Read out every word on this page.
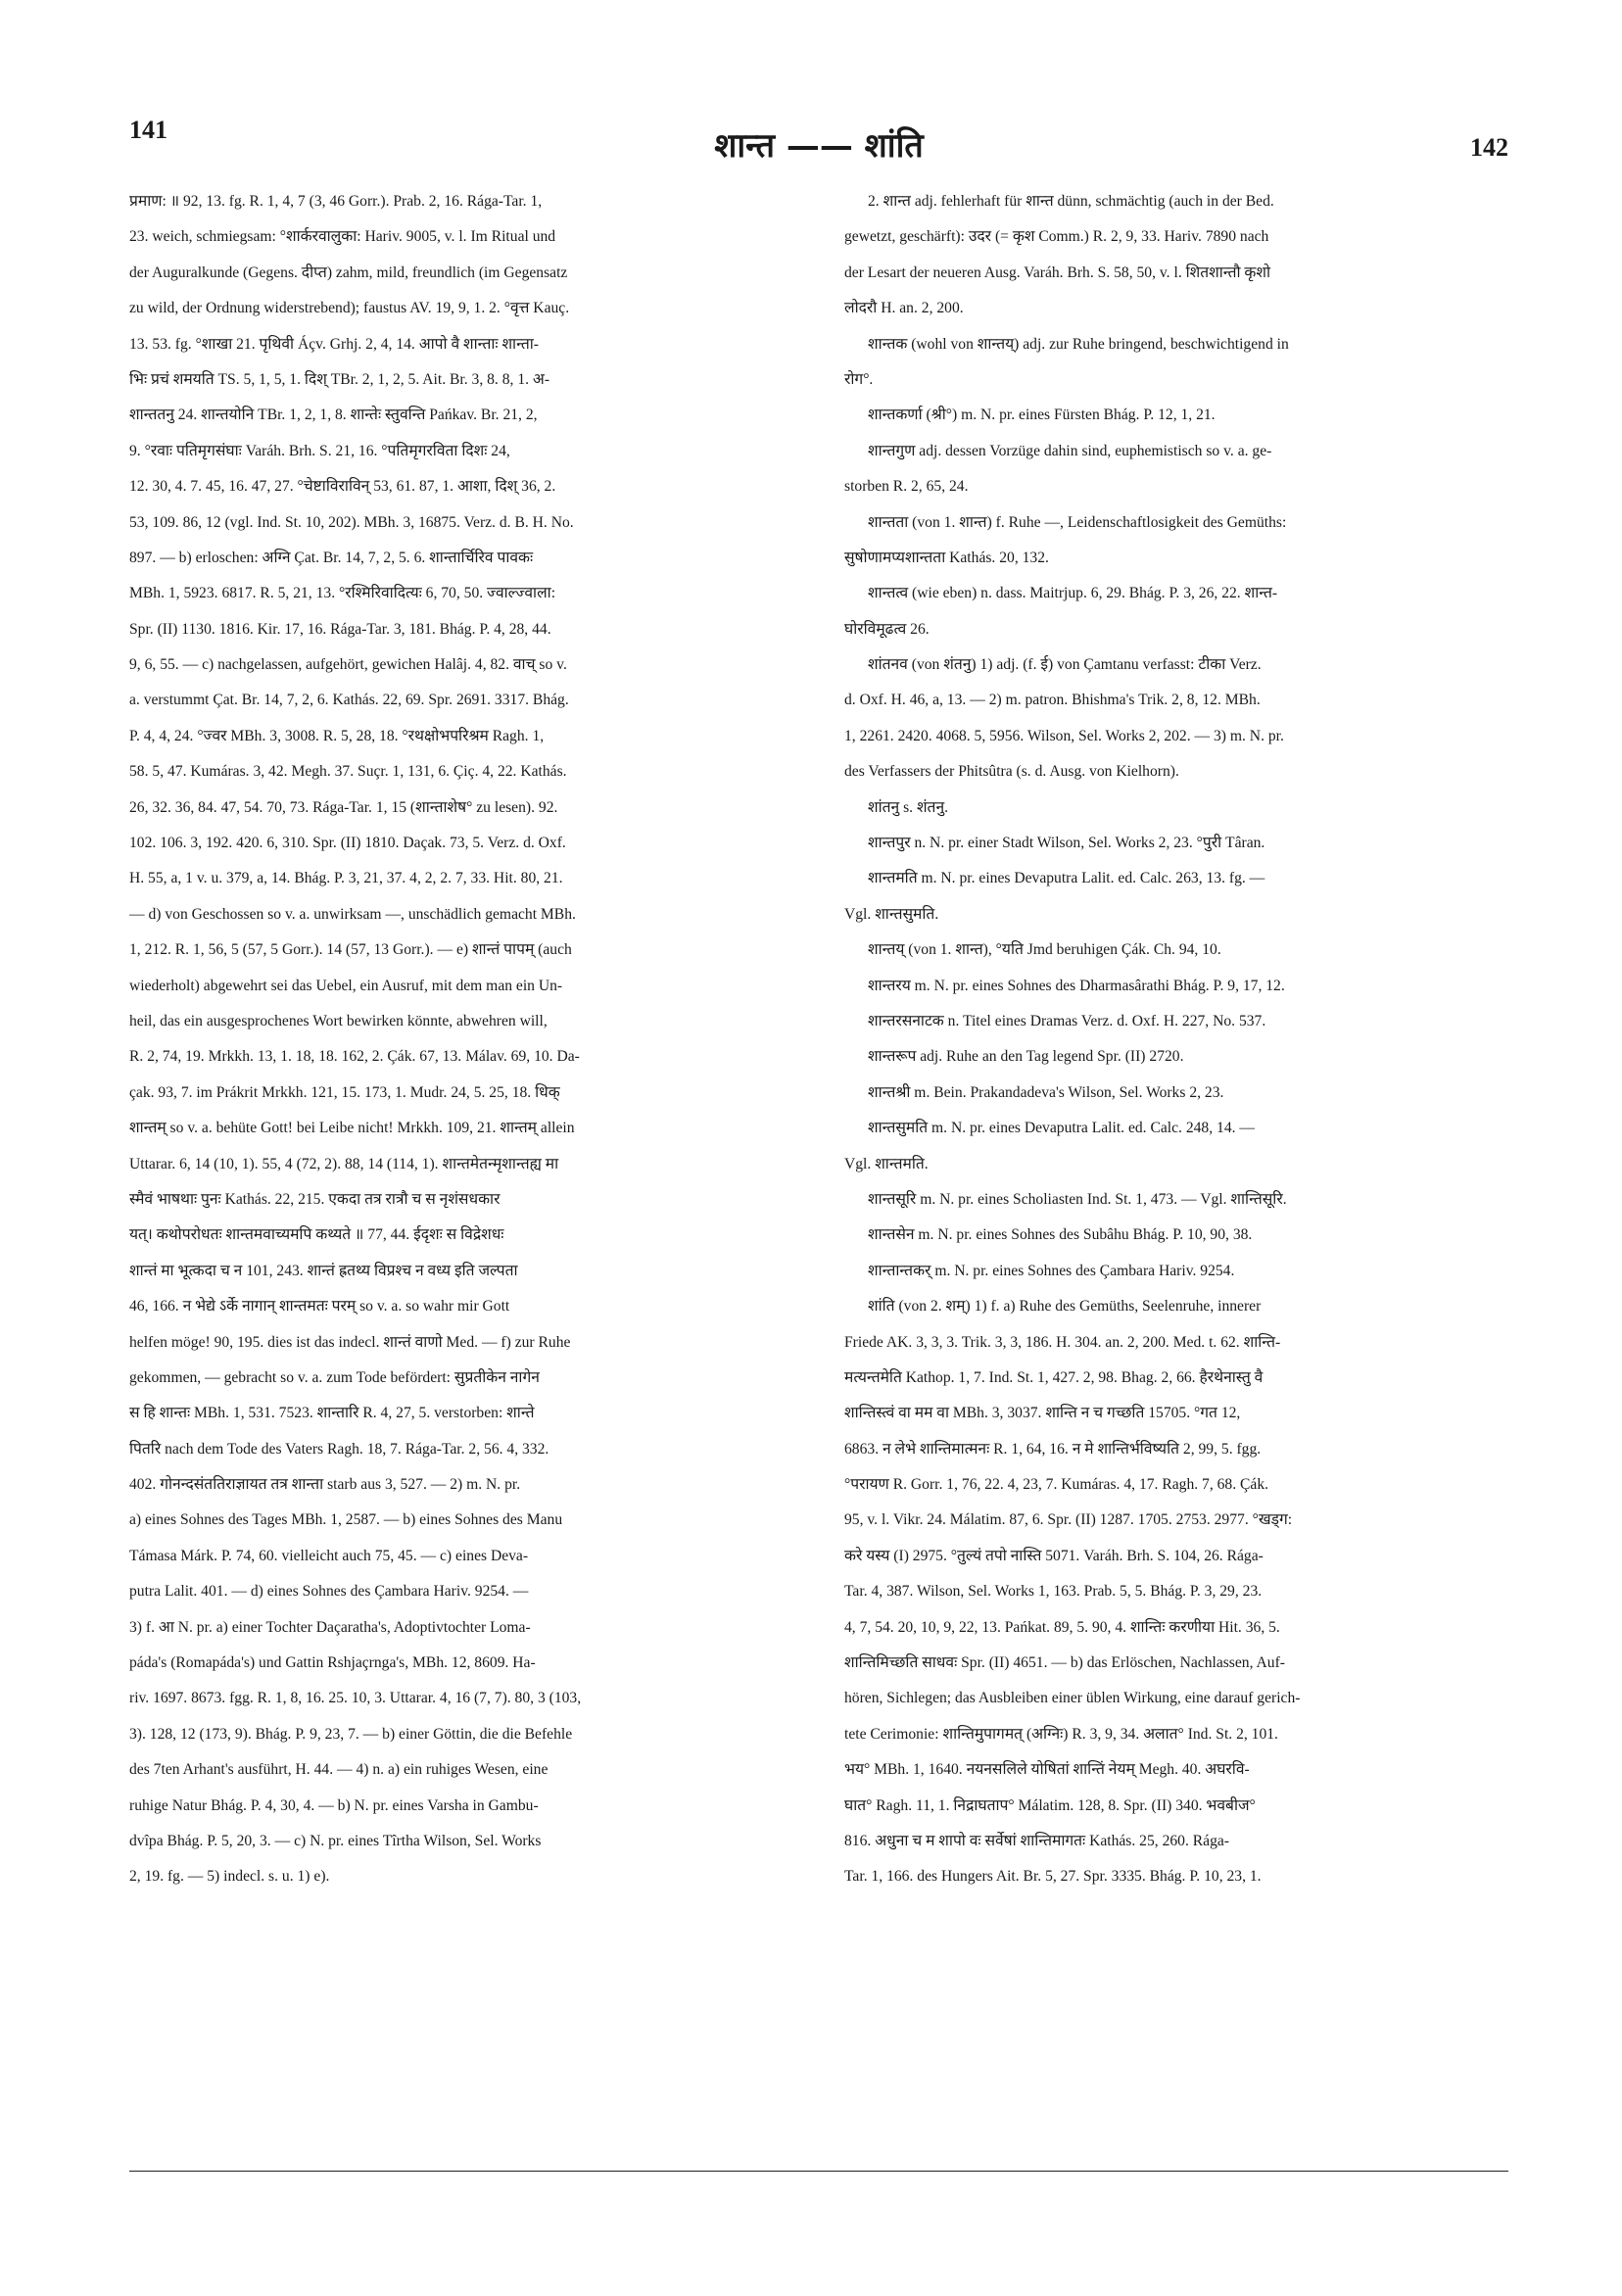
141	शान्त —— शांति	142
प्रमाण: ॥ 92, 13. fg. R. 1, 4, 7 (3, 46 Gorr.). Prab. 2, 16. Rága-Tar. 1,
23. weich, schmiegsam: °शार्करवालुका: Hariv. 9005, v. l. Im Ritual und
der Auguralkunde (Gegens. दीप्त) zahm, mild, freundlich (im Gegensatz
zu wild, der Ordnung widerstrebend); faustus AV. 19, 9, 1. 2. °वृत्त Kauç.
13. 53. fg. °शाखा 21. पृथिवी Áçv. Grhj. 2, 4, 14. आपो वै शान्ताः शान्ता-
भिः प्रचं शमयति TS. 5, 1, 5, 1. दिश् TBr. 2, 1, 2, 5. Ait. Br. 3, 8. 8, 1. अ-
शान्ततनु 24. शान्तयोनि TBr. 1, 2, 1, 8. शान्तेः स्तुवन्ति Pańkav. Br. 21, 2,
9. °रवाः पतिमृगसंघाः Varáh. Brh. S. 21, 16. °पतिमृगरविता दिशः 24,
12. 30, 4. 7. 45, 16. 47, 27. °चेष्टाविराविन् 53, 61. 87, 1. आशा, दिश् 36, 2.
53, 109. 86, 12 (vgl. Ind. St. 10, 202). MBh. 3, 16875. Verz. d. B. H. No.
897. — b) erloschen: अग्नि Çat. Br. 14, 7, 2, 5. 6. शान्तार्चिरिव पावकः
MBh. 1, 5923. 6817. R. 5, 21, 13. °रश्मिरिवादित्यः 6, 70, 50. ज्वाल्ज्वाला:
Spr. (II) 1130. 1816. Kir. 17, 16. Rága-Tar. 3, 181. Bhág. P. 4, 28, 44.
9, 6, 55. — c) nachgelassen, aufgehört, gewichen Halâj. 4, 82. वाच् so v.
a. verstummt Çat. Br. 14, 7, 2, 6. Kathás. 22, 69. Spr. 2691. 3317. Bhág.
P. 4, 4, 24. °ज्वर MBh. 3, 3008. R. 5, 28, 18. °रथक्षोभपरिश्रम Ragh. 1,
58. 5, 47. Kumáras. 3, 42. Megh. 37. Suçr. 1, 131, 6. Çiç. 4, 22. Kathás.
26, 32. 36, 84. 47, 54. 70, 73. Rága-Tar. 1, 15 (शान्ताशेष° zu lesen). 92.
102. 106. 3, 192. 420. 6, 310. Spr. (II) 1810. Daçak. 73, 5. Verz. d. Oxf.
H. 55, a, 1 v. u. 379, a, 14. Bhág. P. 3, 21, 37. 4, 2, 2. 7, 33. Hit. 80, 21.
— d) von Geschossen so v. a. unwirksam —, unschädlich gemacht MBh.
1, 212. R. 1, 56, 5 (57, 5 Gorr.). 14 (57, 13 Gorr.). — e) शान्तं पापम् (auch
wiederholt) abgewehrt sei das Uebel, ein Ausruf, mit dem man ein Un-
heil, das ein ausgesprochenes Wort bewirken könnte, abwehren will,
R. 2, 74, 19. Mrkkh. 13, 1. 18, 18. 162, 2. Çák. 67, 13. Málav. 69, 10. Da-
çak. 93, 7. im Prákrit Mrkkh. 121, 15. 173, 1. Mudr. 24, 5. 25, 18. धिक्
शान्तम् so v. a. behüte Gott! bei Leibe nicht! Mrkkh. 109, 21. शान्तम् allein
Uttarar. 6, 14 (10, 1). 55, 4 (72, 2). 88, 14 (114, 1). शान्तमेतन्मृशान्तह्य मा
स्मैवं भाषथाः पुनः Kathás. 22, 215. एकदा तत्र रात्रौ च स नृशंसधकार
यत्। कथोपरोधतः शान्तमवाच्यमपि कथ्यते ॥ 77, 44. ईदृशः स विद्रेशधः
शान्तं मा भूत्कदा च न 101, 243. शान्तं ह्रतथ्य विप्रश्च न वध्य इति जल्पता
46, 166. न भेद्ये ऽर्के नागान् शान्तमतः परम् so v. a. so wahr mir Gott
helfen möge! 90, 195. dies ist das indecl. शान्तं वाणो Med. — f) zur Ruhe
gekommen, — gebracht so v. a. zum Tode befördert: सुप्रतीकेन नागेन
स हि शान्तः MBh. 1, 531. 7523. शान्तारि R. 4, 27, 5. verstorben: शान्ते
पितरि nach dem Tode des Vaters Ragh. 18, 7. Rága-Tar. 2, 56. 4, 332.
402. गोनन्दसंततिराज्ञायत तत्र शान्ता starb aus 3, 527. — 2) m. N. pr.
a) eines Sohnes des Tages MBh. 1, 2587. — b) eines Sohnes des Manu
Támasa Márk. P. 74, 60. vielleicht auch 75, 45. — c) eines Deva-
putra Lalit. 401. — d) eines Sohnes des Çambara Hariv. 9254. —
3) f. आ N. pr. a) einer Tochter Daçaratha's, Adoptivtochter Loma-
páda's (Romapáda's) und Gattin Rshjaçrnga's, MBh. 12, 8609. Ha-
riv. 1697. 8673. fgg. R. 1, 8, 16. 25. 10, 3. Uttarar. 4, 16 (7, 7). 80, 3 (103,
3). 128, 12 (173, 9). Bhág. P. 9, 23, 7. — b) einer Göttin, die die Befehle
des 7ten Arhant's ausführt, H. 44. — 4) n. a) ein ruhiges Wesen, eine
ruhige Natur Bhág. P. 4, 30, 4. — b) N. pr. eines Varsha in Gambu-
dvîpa Bhág. P. 5, 20, 3. — c) N. pr. eines Tîrtha Wilson, Sel. Works
2, 19. fg. — 5) indecl. s. u. 1) e).
2. शान्त adj. fehlerhaft für शान्त dünn, schmächtig (auch in der Bed.
gewetzt, geschärft): उदर (= कृश Comm.) R. 2, 9, 33. Hariv. 7890 nach
der Lesart der neueren Ausg. Varáh. Brh. S. 58, 50, v. l. शितशान्तौ कृशो
लोदरौ H. an. 2, 200.
शान्तक (wohl von शान्तय्) adj. zur Ruhe bringend, beschwichtigend in
रोग°.
शान्तकर्णा (श्री°) m. N. pr. eines Fürsten Bhág. P. 12, 1, 21.
शान्तगुण adj. dessen Vorzüge dahin sind, euphemistisch so v. a. ge-
storben R. 2, 65, 24.
शान्तता (von 1. शान्त) f. Ruhe —, Leidenschaftlosigkeit des Gemüths:
सुषोणामप्यशान्तता Kathás. 20, 132.
शान्तत्व (wie eben) n. dass. Maitrjup. 6, 29. Bhág. P. 3, 26, 22. शान्त-
घोरविमूढत्व 26.
शांतनव (von शंतनु) 1) adj. (f. ई) von Çamtanu verfasst: टीका Verz.
d. Oxf. H. 46, a, 13. — 2) m. patron. Bhishma's Trik. 2, 8, 12. MBh.
1, 2261. 2420. 4068. 5, 5956. Wilson, Sel. Works 2, 202. — 3) m. N. pr.
des Verfassers der Phitsûtra (s. d. Ausg. von Kielhorn).
शांतनु s. शंतनु.
शान्तपुर n. N. pr. einer Stadt Wilson, Sel. Works 2, 23. °पुरी Târan.
शान्तमति m. N. pr. eines Devaputra Lalit. ed. Calc. 263, 13. fg. —
Vgl. शान्तसुमति.
शान्तय् (von 1. शान्त), °यति Jmd beruhigen Çák. Ch. 94, 10.
शान्तरय m. N. pr. eines Sohnes des Dharmasârathi Bhág. P. 9, 17, 12.
शान्तरसनाटक n. Titel eines Dramas Verz. d. Oxf. H. 227, No. 537.
शान्तरूप adj. Ruhe an den Tag legend Spr. (II) 2720.
शान्तश्री m. Bein. Prakandadeva's Wilson, Sel. Works 2, 23.
शान्तसुमति m. N. pr. eines Devaputra Lalit. ed. Calc. 248, 14. —
Vgl. शान्तमति.
शान्तसूरि m. N. pr. eines Scholiasten Ind. St. 1, 473. — Vgl. शान्तिसूरि.
शान्तसेन m. N. pr. eines Sohnes des Subâhu Bhág. P. 10, 90, 38.
शान्तान्तकर् m. N. pr. eines Sohnes des Çambara Hariv. 9254.
शांति (von 2. शम्) 1) f. a) Ruhe des Gemüths, Seelenruhe, innerer
Friede AK. 3, 3, 3. Trik. 3, 3, 186. H. 304. an. 2, 200. Med. t. 62. शान्ति-
मत्यन्तमेति Kathop. 1, 7. Ind. St. 1, 427. 2, 98. Bhag. 2, 66. हैरथेनास्तु वै
शान्तिस्त्वं वा मम वा MBh. 3, 3037. शान्ति न च गच्छति 15705. °गत 12,
6863. न लेभे शान्तिमात्मनः R. 1, 64, 16. न मे शान्तिर्भविष्यति 2, 99, 5. fgg.
°परायण R. Gorr. 1, 76, 22. 4, 23, 7. Kumáras. 4, 17. Ragh. 7, 68. Çák.
95, v. l. Vikr. 24. Málatim. 87, 6. Spr. (II) 1287. 1705. 2753. 2977. °खड्ग:
करे यस्य (I) 2975. °तुल्यं तपो नास्ति 5071. Varáh. Brh. S. 104, 26. Rága-
Tar. 4, 387. Wilson, Sel. Works 1, 163. Prab. 5, 5. Bhág. P. 3, 29, 23.
4, 7, 54. 20, 10, 9, 22, 13. Pańkat. 89, 5. 90, 4. शान्तिः करणीया Hit. 36, 5.
शान्तिमिच्छति साधवः Spr. (II) 4651. — b) das Erlöschen, Nachlassen, Auf-
hören, Sichlegen; das Ausbleiben einer üblen Wirkung, eine darauf gerich-
tete Cerimonie: शान्तिमुपागमत् (अग्निः) R. 3, 9, 34. अलात° Ind. St. 2, 101.
भय° MBh. 1, 1640. नयनसलिले योषितां शान्तिं नेयम् Megh. 40. अघरवि-
घात° Ragh. 11, 1. निद्राघताप° Málatim. 128, 8. Spr. (II) 340. भवबीज°
816. अधुना च म शापो वः सर्वेषां शान्तिमागतः Kathás. 25, 260. Rága-
Tar. 1, 166. des Hungers Ait. Br. 5, 27. Spr. 3335. Bhág. P. 10, 23, 1.
